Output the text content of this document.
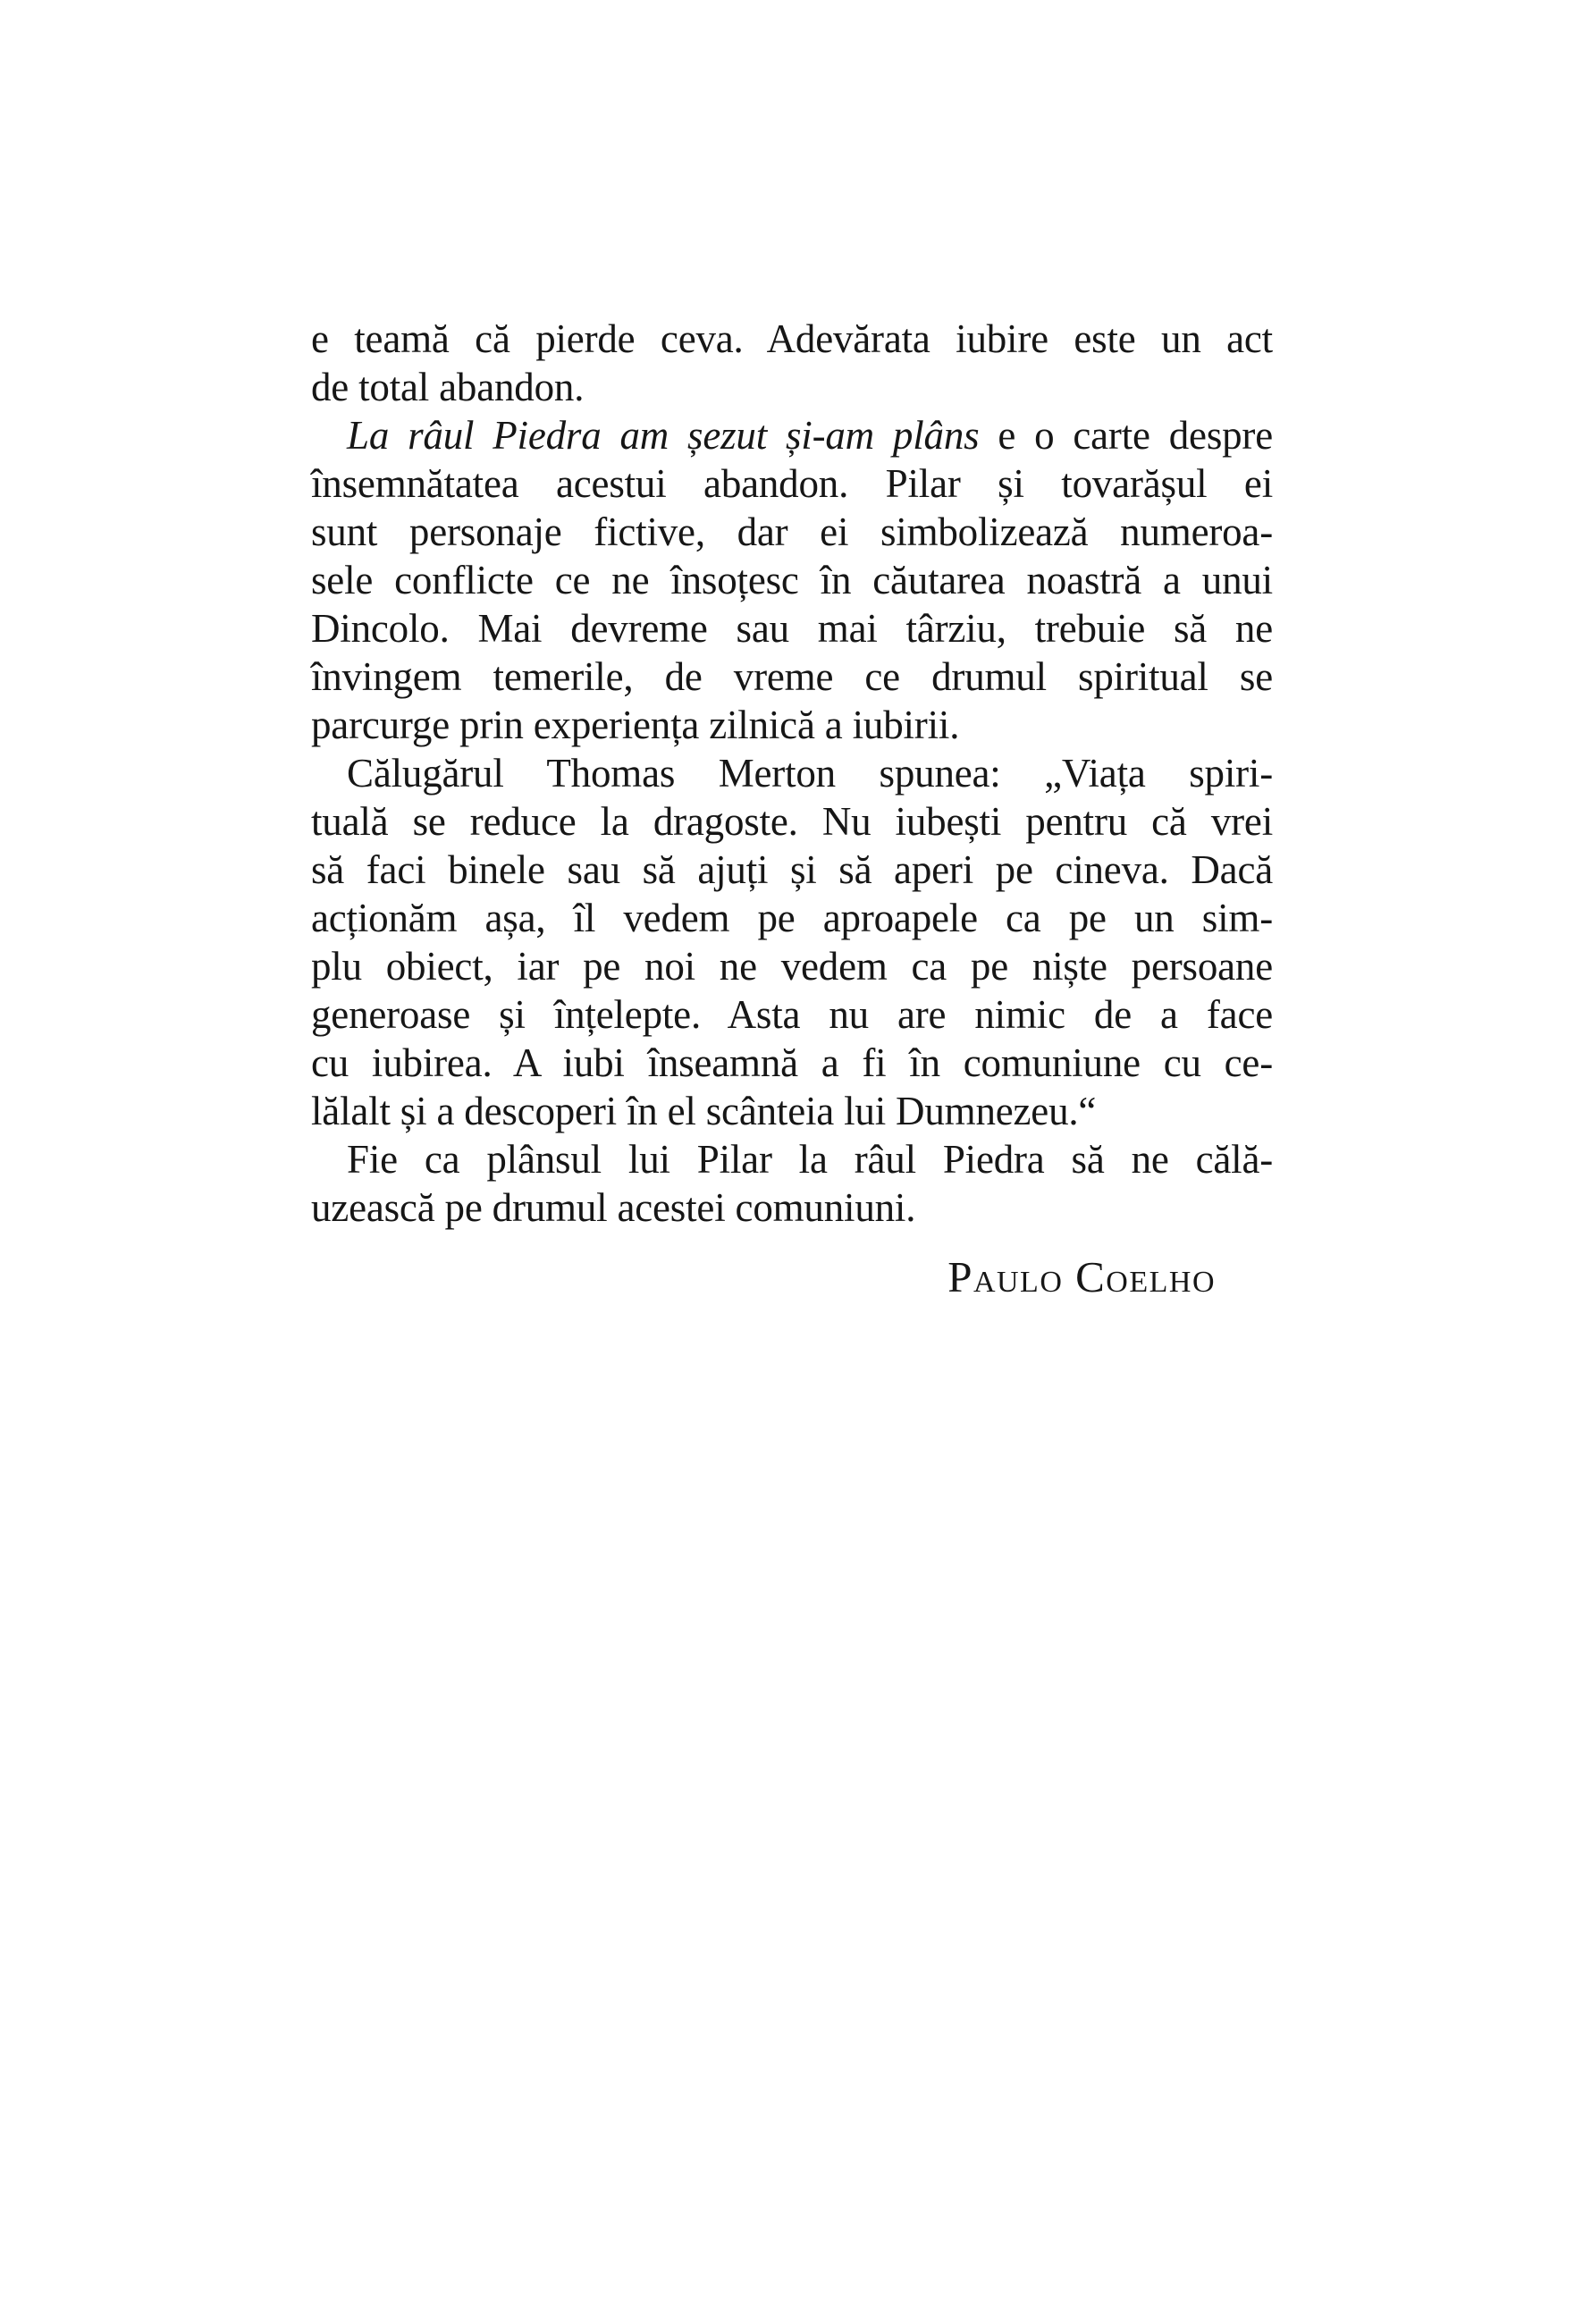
e teamă că pierde ceva. Adevărata iubire este un act
de total abandon.
La râul Piedra am șezut și-am plâns e o carte despre
însemnătatea acestui abandon. Pilar și tovarășul ei
sunt personaje fictive, dar ei simbolizează numeroa-
sele conflicte ce ne însoțesc în căutarea noastră a unui
Dincolo. Mai devreme sau mai târziu, trebuie să ne
învingem temerile, de vreme ce drumul spiritual se
parcurge prin experiența zilnică a iubirii.
Călugărul Thomas Merton spunea: „Viața spiri-
tuală se reduce la dragoste. Nu iubești pentru că vrei
să faci binele sau să ajuți și să aperi pe cineva. Dacă
acționăm așa, îl vedem pe aproapele ca pe un sim-
plu obiect, iar pe noi ne vedem ca pe niște persoane
generoase și înțelepte. Asta nu are nimic de a face
cu iubirea. A iubi înseamnă a fi în comuniune cu ce-
lălalt și a descoperi în el scânteia lui Dumnezeu.“
Fie ca plânsul lui Pilar la râul Piedra să ne călă-
uzească pe drumul acestei comuniuni.
Paulo Coelho
